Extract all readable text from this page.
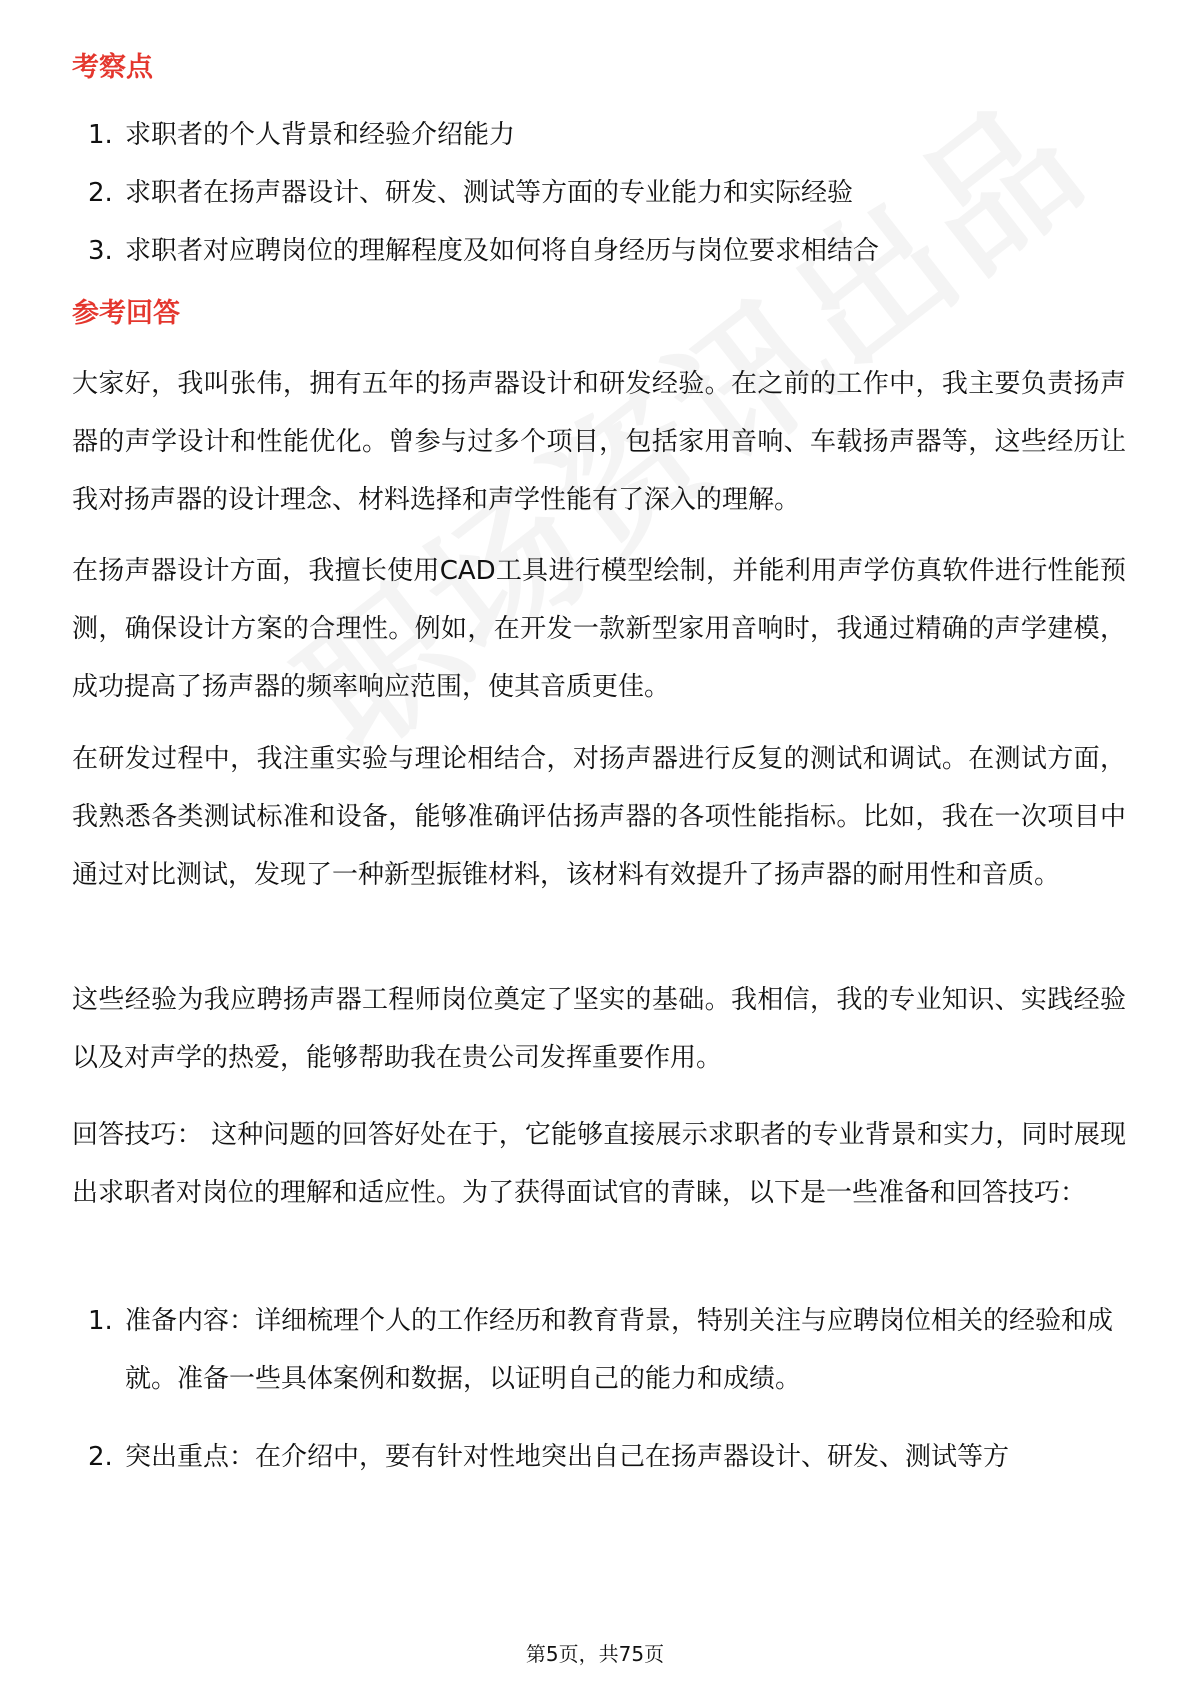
考察点
1. 求职者的个人背景和经验介绍能力
2. 求职者在扬声器设计、研发、测试等方面的专业能力和实际经验
3. 求职者对应聘岗位的理解程度及如何将自身经历与岗位要求相结合
参考回答

大家好，我叫张伟，拥有五年的扬声器设计和研发经验。在之前的工作中，我主要负责扬声器的声学设计和性能优化。曾参与过多个项目，包括家用音响、车载扬声器等，这些经历让我对扬声器的设计理念、材料选择和声学性能有了深入的理解。

在扬声器设计方面，我擅长使用CAD工具进行模型绘制，并能利用声学仿真软件进行性能预测，确保设计方案的合理性。例如，在开发一款新型家用音响时，我通过精确的声学建模，成功提高了扬声器的频率响应范围，使其音质更佳。

在研发过程中，我注重实验与理论相结合，对扬声器进行反复的测试和调试。在测试方面，我熟悉各类测试标准和设备，能够准确评估扬声器的各项性能指标。比如，我在一次项目中通过对比测试，发现了一种新型振锥材料，该材料有效提升了扬声器的耐用性和音质。

这些经验为我应聘扬声器工程师岗位奠定了坚实的基础。我相信，我的专业知识、实践经验以及对声学的热爱，能够帮助我在贵公司发挥重要作用。

回答技巧： 这种问题的回答好处在于，它能够直接展示求职者的专业背景和实力，同时展现出求职者对岗位的理解和适应性。为了获得面试官的青睐，以下是一些准备和回答技巧：

1. 准备内容：详细梳理个人的工作经历和教育背景，特别关注与应聘岗位相关的经验和成就。准备一些具体案例和数据，以证明自己的能力和成绩。
2. 突出重点：在介绍中，要有针对性地突出自己在扬声器设计、研发、测试等方
第5页，共75页
